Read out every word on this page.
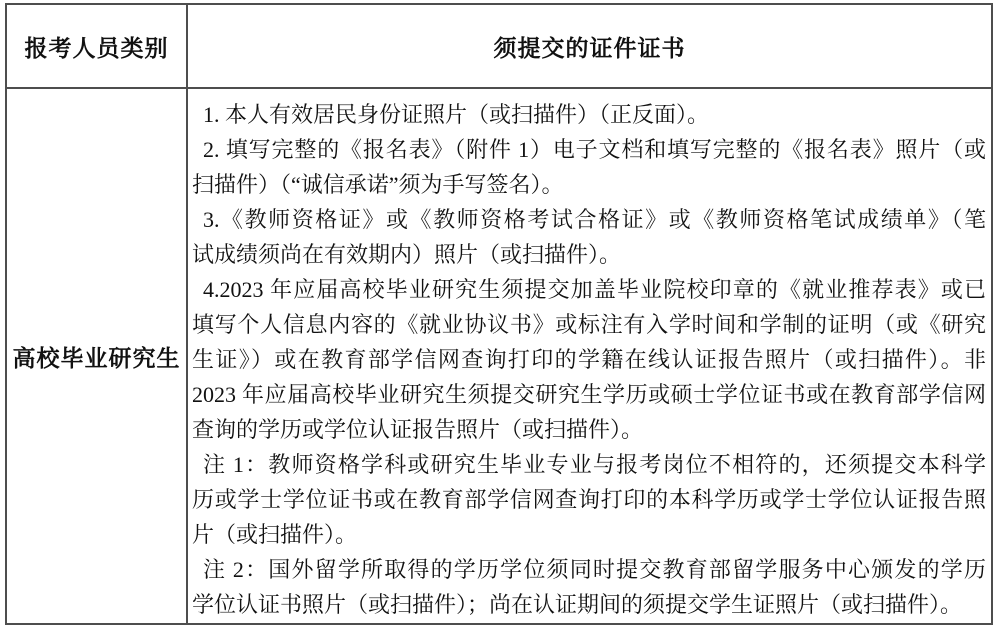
报考人员类别	须提交的证件证书
高校毕业研究生
1. 本人有效居民身份证照片（或扫描件）（正反面）。
2. 填写完整的《报名表》（附件 1）电子文档和填写完整的《报名表》照片（或
扫描件）（“诚信承诺”须为手写签名）。
3.《教师资格证》或《教师资格考试合格证》或《教师资格笔试成绩单》（笔
试成绩须尚在有效期内）照片（或扫描件）。
4.2023 年应届高校毕业研究生须提交加盖毕业院校印章的《就业推荐表》或已
填写个人信息内容的《就业协议书》或标注有入学时间和学制的证明（或《研究
生证》）或在教育部学信网查询打印的学籍在线认证报告照片（或扫描件）。非
2023 年应届高校毕业研究生须提交研究生学历或硕士学位证书或在教育部学信网
查询的学历或学位认证报告照片（或扫描件）。
注 1：教师资格学科或研究生毕业专业与报考岗位不相符的，还须提交本科学
历或学士学位证书或在教育部学信网查询打印的本科学历或学士学位认证报告照
片（或扫描件）。
注 2：国外留学所取得的学历学位须同时提交教育部留学服务中心颁发的学历
学位认证书照片（或扫描件）；尚在认证期间的须提交学生证照片（或扫描件）。
